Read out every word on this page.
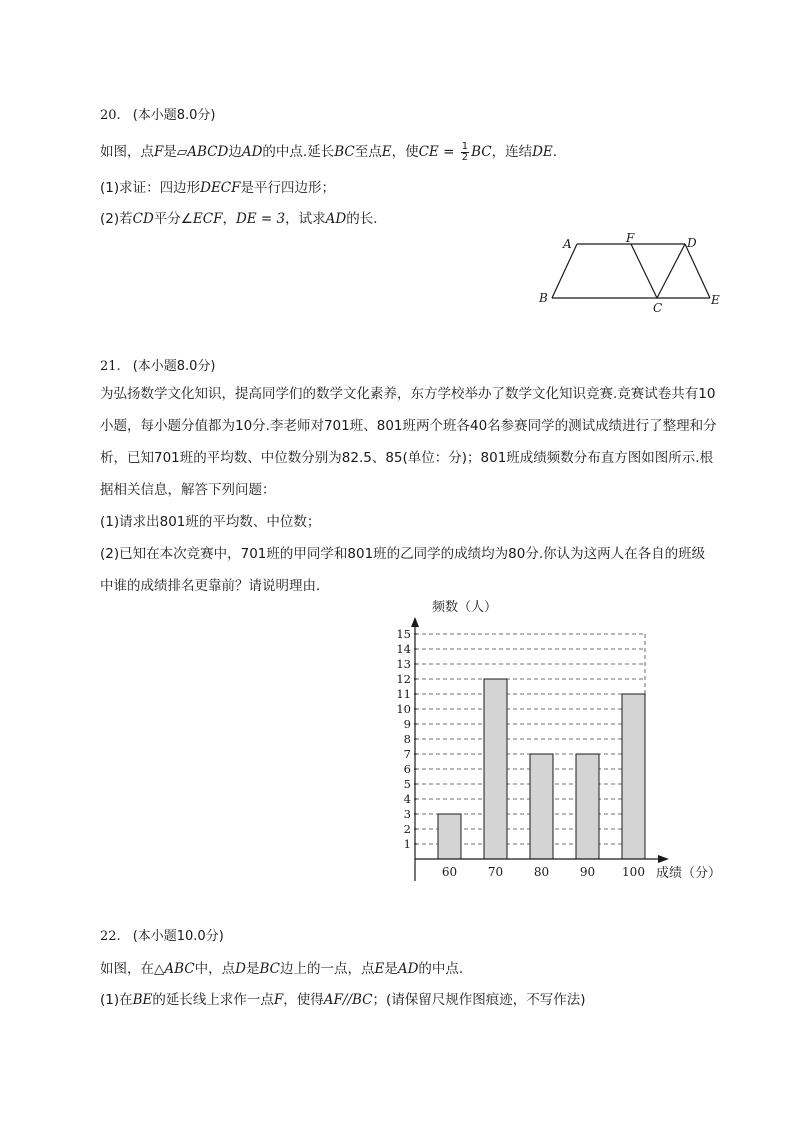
20. (本小题8.0分)
如图，点F是▱ABCD边AD的中点.延长BC至点E，使CE = $\frac{1}{2}$ BC，连结DE.
(1)求证：四边形DECF是平行四边形；
(2)若CD平分∠ECF，DE = 3，试求AD的长．
A	F	D
B
C
E
21. (本小题8.0分)
为弘扬数学文化知识，提高同学们的数学文化素养，东方学校举办了数学文化知识竞赛.竞赛试卷共有10
小题，每小题分值都为10分.李老师对701班、801班两个班各40名参赛同学的测试成绩进行了整理和分
析，已知701班的平均数、中位数分别为82.5、85(单位：分)；801班成绩频数分布直方图如图所示.根
据相关信息，解答下列问题：
(1)请求出801班的平均数、中位数；
(2)已知在本次竞赛中，701班的甲同学和801班的乙同学的成绩均为80分.你认为这两人在各自的班级
中谁的成绩排名更靠前？请说明理由．
频数（人）
成绩（分）
1
2
3
4
5
6
7
8
9
10
11
12
13
14
15
60	70	80	90 100
22. (本小题10.0分)
如图，在△ABC中，点D是BC边上的一点，点E是AD的中点．
(1)在BE的延长线上求作一点F，使得AF//BC；(请保留尺规作图痕迹，不写作法)
